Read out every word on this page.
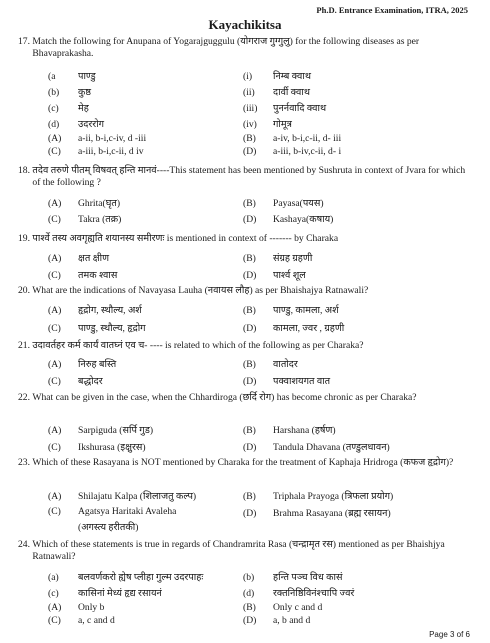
Ph.D. Entrance Examination, ITRA, 2025
Kayachikitsa
17. Match the following for Anupana of Yogarajguggulu (योगराज गुग्गुलु) for the following diseases as per Bhavaprakasha.
(a पाण्डु	(i) निम्ब क्वाथ
(b) कुष्ठ	(ii) दार्वी क्वाथ
(c) मेह	(iii) पुनर्नवादि क्वाथ
(d) उदररोग	(iv) गोमूत्र
(A) a-ii, b-i,c-iv, d -iii	(B) a-iv, b-i,c-ii, d- iii
(C) a-iii, b-i,c-ii, d iv	(D) a-iii, b-iv,c-ii, d- i
18. तदेव तरुणे पीतम् विषवत् हन्ति मानवं----This statement has been mentioned by Sushruta in context of Jvara for which of the following ?
(A) Ghrita(घृत)	(B) Payasa(पयस)
(C) Takra (तक्र)	(D) Kashaya(कषाय)
19. पार्श्वे तस्य अवगृह्यति शयानस्य समीरणः is mentioned in context of ------- by Charaka
(A) क्षत क्षीण	(B) संग्रह ग्रहणी
(C) तमक श्वास	(D) पार्श्व शूल
20. What are the indications of Navayasa Lauha (नवायस लौह) as per Bhaishajya Ratnawali?
(A) हृद्रोग, स्थौल्य, अर्श	(B) पाण्डु, कामला, अर्श
(C) पाण्डु, स्थौल्य, हृद्रोग	(D) कामला, ज्वर , ग्रहणी
21. उदावर्तहर कर्म कार्यं वातघ्नं एव च- ---- is related to which of the following as per Charaka?
(A) निरुह बस्ति	(B) वातोदर
(C) बद्धोदर	(D) पक्वाशयगत वात
22. What can be given in the case, when the Chhardiroga (छर्दि रोग) has become chronic as per Charaka?
(A) Sarpiguda (सर्पि गुड)	(B) Harshana (हर्षण)
(C) Ikshurasa (इक्षुरस)	(D) Tandula Dhavana (तण्डुलधावन)
23. Which of these Rasayana is NOT mentioned by Charaka for the treatment of Kaphaja Hridroga (कफज हृद्रोग)?
(A) Shilajatu Kalpa (शिलाजतु कल्प)	(B) Triphala Prayoga (त्रिफला प्रयोग)
(C) Agatsya Haritaki Avaleha
(अगस्त्य हरीतकी)
(D) Brahma Rasayana (ब्रह्म रसायन)
24. Which of these statements is true in regards of Chandramrita Rasa (चन्द्रामृत रस) mentioned as per Bhaishjya Ratnawali?
(a) बलवर्णकरो ह्येष प्लीहा गुल्म उदरपाहः	(b) हन्ति पञ्च विध कासं
(c) कासिनां मेध्यं हृद्य रसायनं	(d) रक्तनिष्ठिविनंश्चापि ज्वरं
(A) Only b	(B) Only c and d
(C) a, c and d	(D) a, b and d
Page 3 of 6
